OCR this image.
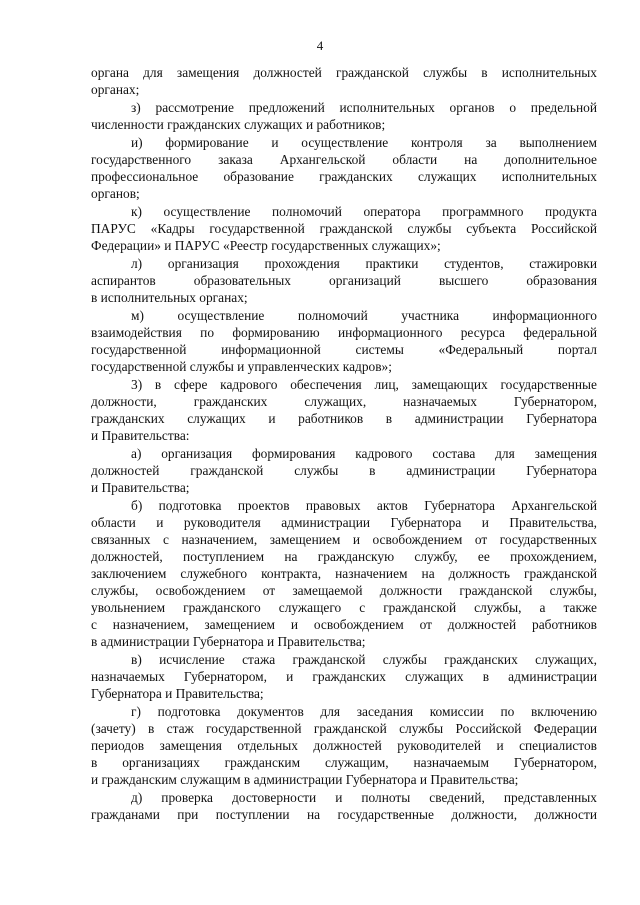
4
органа для замещения должностей гражданской службы в исполнительных
органах;
з) рассмотрение предложений исполнительных органов о предельной
численности гражданских служащих и работников;
и) формирование и осуществление контроля за выполнением
государственного заказа Архангельской области на дополнительное
профессиональное образование гражданских служащих исполнительных
органов;
к) осуществление полномочий оператора программного продукта
ПАРУС «Кадры государственной гражданской службы субъекта Российской
Федерации» и ПАРУС «Реестр государственных служащих»;
л) организация прохождения практики студентов, стажировки
аспирантов образовательных организаций высшего образования
в исполнительных органах;
м) осуществление полномочий участника информационного
взаимодействия по формированию информационного ресурса федеральной
государственной информационной системы «Федеральный портал
государственной службы и управленческих кадров»;
3) в сфере кадрового обеспечения лиц, замещающих государственные
должности, гражданских служащих, назначаемых Губернатором,
гражданских служащих и работников в администрации Губернатора
и Правительства:
а) организация формирования кадрового состава для замещения
должностей гражданской службы в администрации Губернатора
и Правительства;
б) подготовка проектов правовых актов Губернатора Архангельской
области и руководителя администрации Губернатора и Правительства,
связанных с назначением, замещением и освобождением от государственных
должностей, поступлением на гражданскую службу, ее прохождением,
заключением служебного контракта, назначением на должность гражданской
службы, освобождением от замещаемой должности гражданской службы,
увольнением гражданского служащего с гражданской службы, а также
с назначением, замещением и освобождением от должностей работников
в администрации Губернатора и Правительства;
в) исчисление стажа гражданской службы гражданских служащих,
назначаемых Губернатором, и гражданских служащих в администрации
Губернатора и Правительства;
г) подготовка документов для заседания комиссии по включению
(зачету) в стаж государственной гражданской службы Российской Федерации
периодов замещения отдельных должностей руководителей и специалистов
в организациях гражданским служащим, назначаемым Губернатором,
и гражданским служащим в администрации Губернатора и Правительства;
д) проверка достоверности и полноты сведений, представленных
гражданами при поступлении на государственные должности, должности
